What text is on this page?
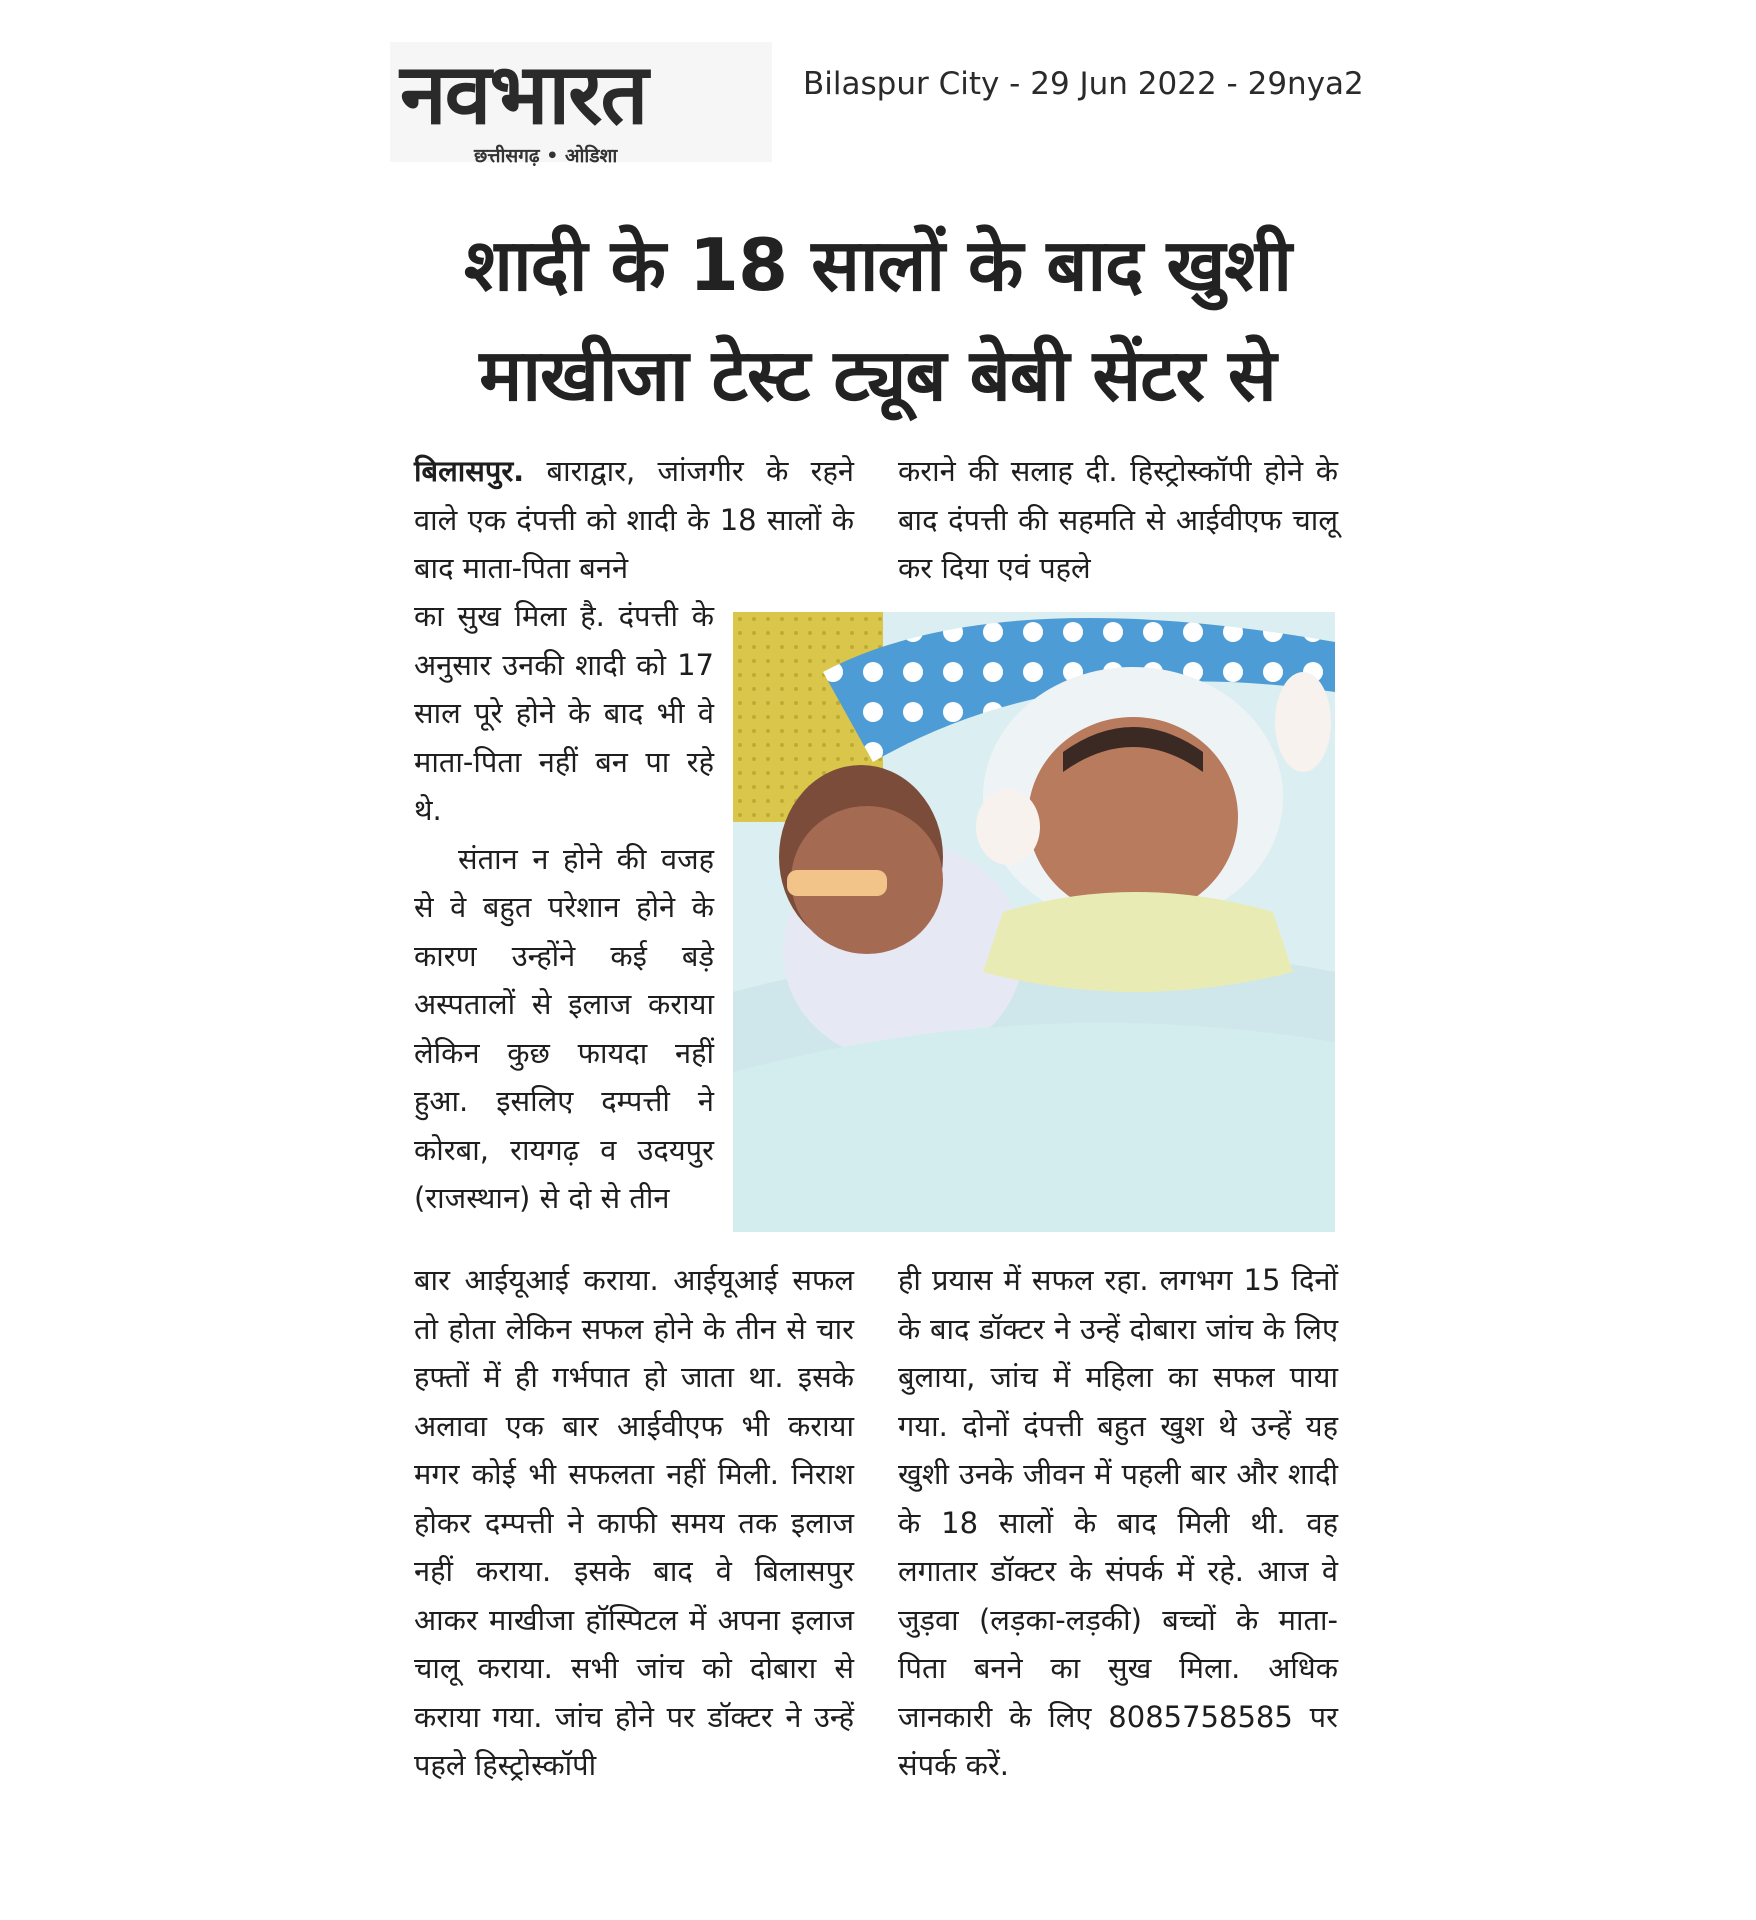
नवभारत
छत्तीसगढ़ • ओडिशा
Bilaspur City - 29 Jun 2022 - 29nya2
शादी के 18 सालों के बाद खुशी
माखीजा टेस्ट ट्यूब बेबी सेंटर से

बिलासपुर. बाराद्वार, जांजगीर के रहने वाले एक दंपत्ती को शादी के 18 सालों के बाद माता-पिता बनने

का सुख मिला है. दंपत्ती के अनुसार उनकी शादी को 17 साल पूरे होने के बाद भी वे माता-पिता नहीं बन पा रहे थे.

संतान न होने की वजह से वे बहुत परेशान होने के कारण उन्होंने कई बड़े अस्पतालों से इलाज कराया लेकिन कुछ फायदा नहीं हुआ. इसलिए दम्पत्ती ने कोरबा, रायगढ़ व उदयपुर (राजस्थान) से दो से तीन

बार आईयूआई कराया. आईयूआई सफल तो होता लेकिन सफल होने के तीन से चार हफ्तों में ही गर्भपात हो जाता था. इसके अलावा एक बार आईवीएफ भी कराया मगर कोई भी सफलता नहीं मिली. निराश होकर दम्पत्ती ने काफी समय तक इलाज नहीं कराया. इसके बाद वे बिलासपुर आकर माखीजा हॉस्पिटल में अपना इलाज चालू कराया. सभी जांच को दोबारा से कराया गया. जांच होने पर डॉक्टर ने उन्हें पहले हिस्ट्रोस्कॉपी

कराने की सलाह दी. हिस्ट्रोस्कॉपी होने के बाद दंपत्ती की सहमति से आईवीएफ चालू कर दिया एवं पहले

ही प्रयास में सफल रहा. लगभग 15 दिनों के बाद डॉक्टर ने उन्हें दोबारा जांच के लिए बुलाया, जांच में महिला का सफल पाया गया. दोनों दंपत्ती बहुत खुश थे उन्हें यह खुशी उनके जीवन में पहली बार और शादी के 18 सालों के बाद मिली थी. वह लगातार डॉक्टर के संपर्क में रहे. आज वे जुड़वा (लड़का-लड़की) बच्चों के माता-पिता बनने का सुख मिला. अधिक जानकारी के लिए 8085758585 पर संपर्क करें.
